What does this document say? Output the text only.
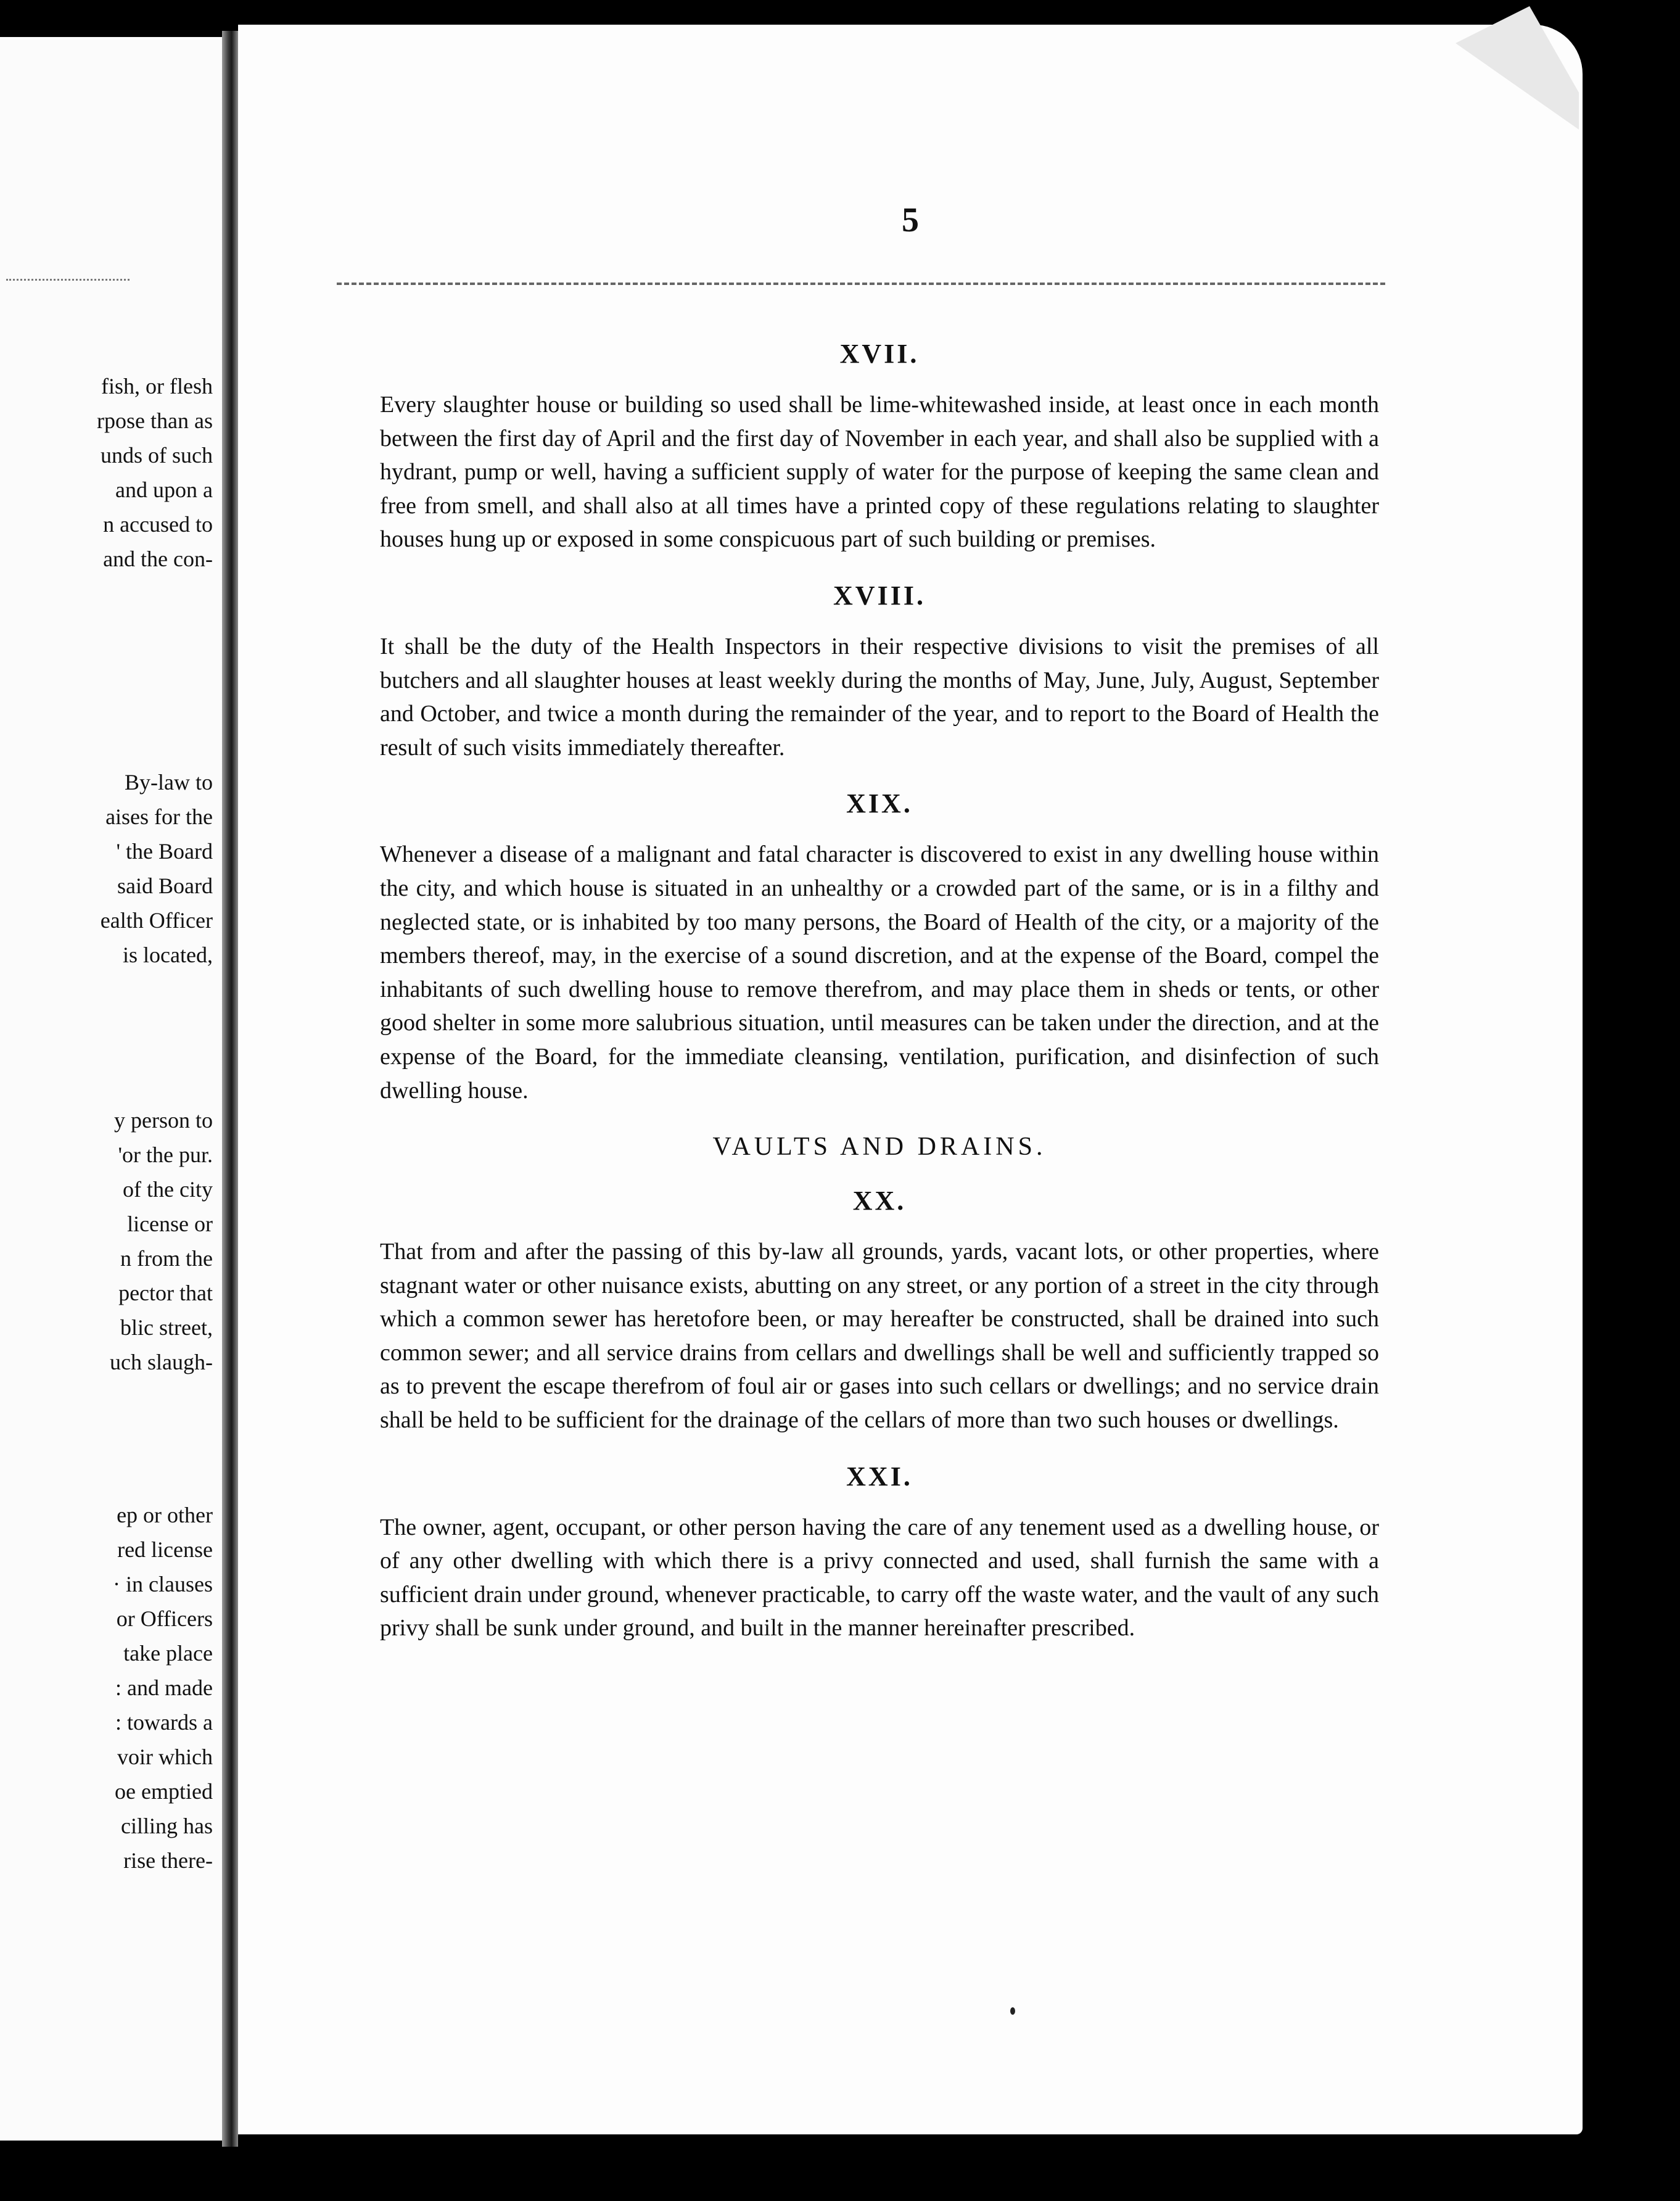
fish, or flesh
rpose than as
unds of such
and upon a
n accused to
and the con-
By-law to
aises for the
' the Board
said Board
ealth Officer
is located,
y person to
'or the pur.
of the city
license or
n from the
pector that
blic street,
uch slaugh-
ep or other
red license
· in clauses
or Officers
take place
: and made
: towards a
voir which
oe emptied
cilling has
rise there-
5
XVII.

Every slaughter house or building so used shall be lime-whitewashed inside, at least once in each month between the first day of April and the first day of November in each year, and shall also be supplied with a hydrant, pump or well, having a sufficient supply of water for the purpose of keeping the same clean and free from smell, and shall also at all times have a printed copy of these regulations relating to slaughter houses hung up or exposed in some conspicuous part of such building or premises.

XVIII.

It shall be the duty of the Health Inspectors in their respective divisions to visit the premises of all butchers and all slaughter houses at least weekly during the months of May, June, July, August, September and October, and twice a month during the remainder of the year, and to report to the Board of Health the result of such visits immediately thereafter.

XIX.

Whenever a disease of a malignant and fatal character is discovered to exist in any dwelling house within the city, and which house is situated in an unhealthy or a crowded part of the same, or is in a filthy and neglected state, or is inhabited by too many persons, the Board of Health of the city, or a majority of the members thereof, may, in the exercise of a sound discretion, and at the expense of the Board, compel the inhabitants of such dwelling house to remove therefrom, and may place them in sheds or tents, or other good shelter in some more salubrious situation, until measures can be taken under the direction, and at the expense of the Board, for the immediate cleansing, ventilation, purification, and disinfection of such dwelling house.

VAULTS AND DRAINS.
XX.

That from and after the passing of this by-law all grounds, yards, vacant lots, or other properties, where stagnant water or other nuisance exists, abutting on any street, or any portion of a street in the city through which a common sewer has heretofore been, or may hereafter be constructed, shall be drained into such common sewer; and all service drains from cellars and dwellings shall be well and sufficiently trapped so as to prevent the escape therefrom of foul air or gases into such cellars or dwellings; and no service drain shall be held to be sufficient for the drainage of the cellars of more than two such houses or dwellings.

XXI.

The owner, agent, occupant, or other person having the care of any tenement used as a dwelling house, or of any other dwelling with which there is a privy connected and used, shall furnish the same with a sufficient drain under ground, whenever practicable, to carry off the waste water, and the vault of any such privy shall be sunk under ground, and built in the manner hereinafter prescribed.
